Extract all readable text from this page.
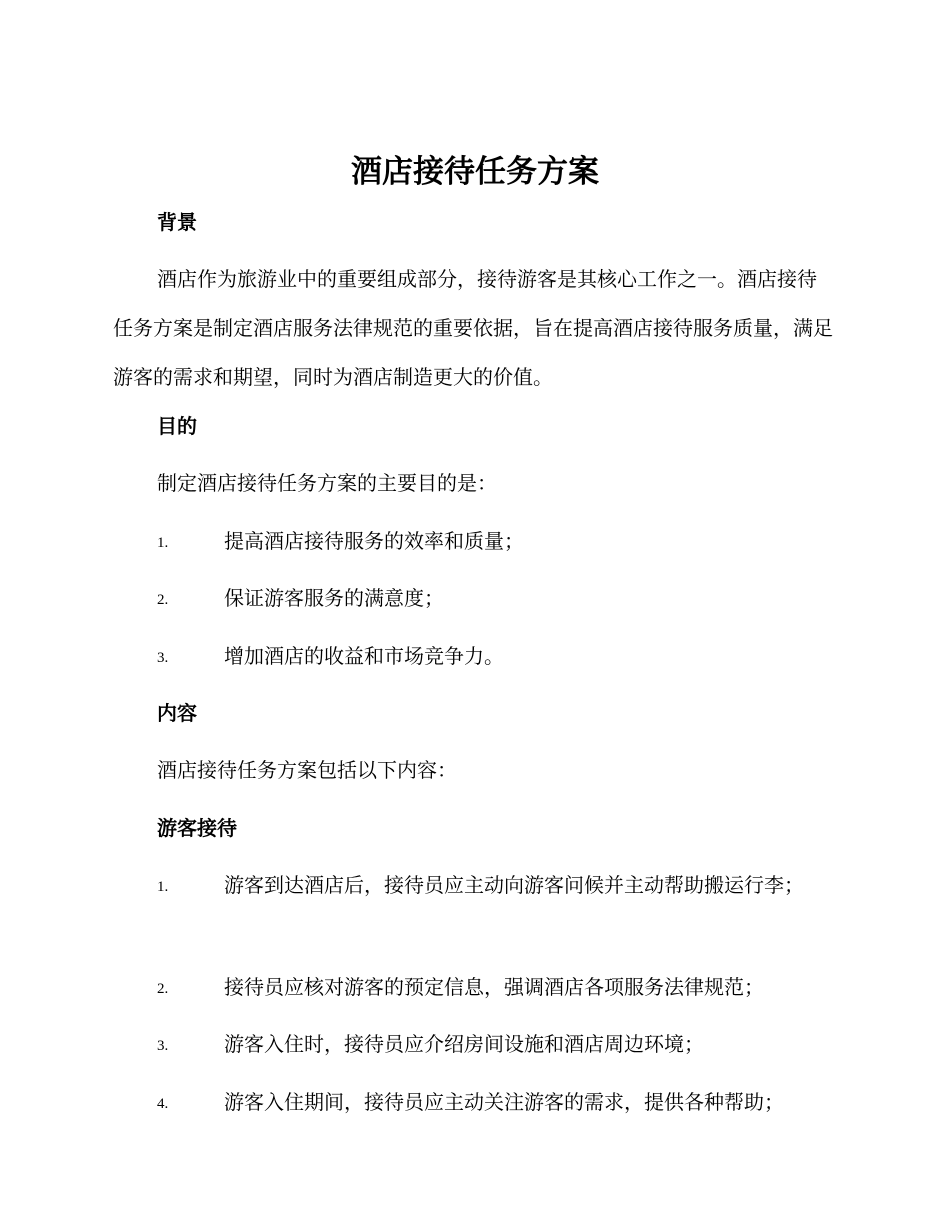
酒店接待任务方案
背景

酒店作为旅游业中的重要组成部分，接待游客是其核心工作之一。酒店接待任务方案是制定酒店服务法律规范的重要依据，旨在提高酒店接待服务质量，满足游客的需求和期望，同时为酒店制造更大的价值。

目的

制定酒店接待任务方案的主要目的是：

1.	提高酒店接待服务的效率和质量；
2.	保证游客服务的满意度；
3.	增加酒店的收益和市场竞争力。
内容

酒店接待任务方案包括以下内容：

游客接待
1.	游客到达酒店后，接待员应主动向游客问候并主动帮助搬运行李；
2.	接待员应核对游客的预定信息，强调酒店各项服务法律规范；
3.	游客入住时，接待员应介绍房间设施和酒店周边环境；
4.	游客入住期间，接待员应主动关注游客的需求，提供各种帮助；
